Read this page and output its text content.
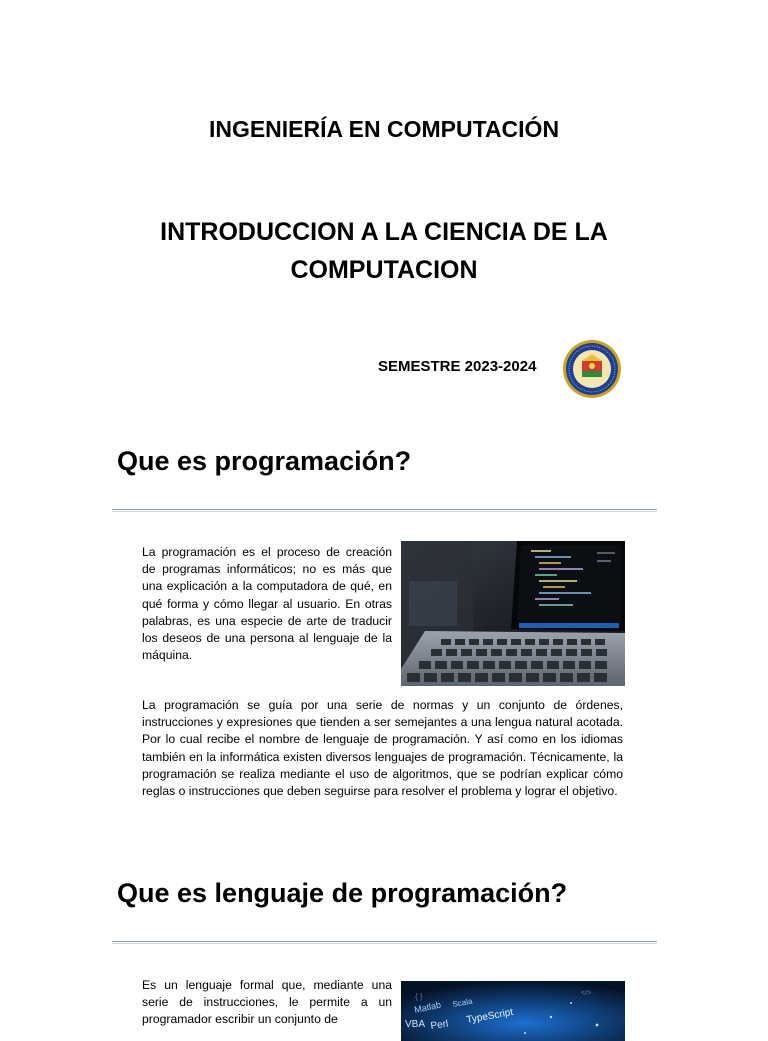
INGENIERÍA EN COMPUTACIÓN
INTRODUCCION A LA CIENCIA DE LA
COMPUTACION
SEMESTRE 2023-2024
Que es programación?

La programación es el proceso de creación de programas informáticos; no es más que una explicación a la computadora de qué, en qué forma y cómo llegar al usuario. En otras palabras, es una especie de arte de traducir los deseos de una persona al lenguaje de la máquina.

La programación se guía por una serie de normas y un conjunto de órdenes, instrucciones y expresiones que tienden a ser semejantes a una lengua natural acotada. Por lo cual recibe el nombre de lenguaje de programación. Y así como en los idiomas también en la informática existen diversos lenguajes de programación. Técnicamente, la programación se realiza mediante el uso de algoritmos, que se podrían explicar cómo reglas o instrucciones que deben seguirse para resolver el problema y lograr el objetivo.

Que es lenguaje de programación?

Es un lenguaje formal que, mediante una serie de instrucciones, le permite a un programador escribir un conjunto de

{ }	</>
Matlab Scala
VBA Perl TypeScript
